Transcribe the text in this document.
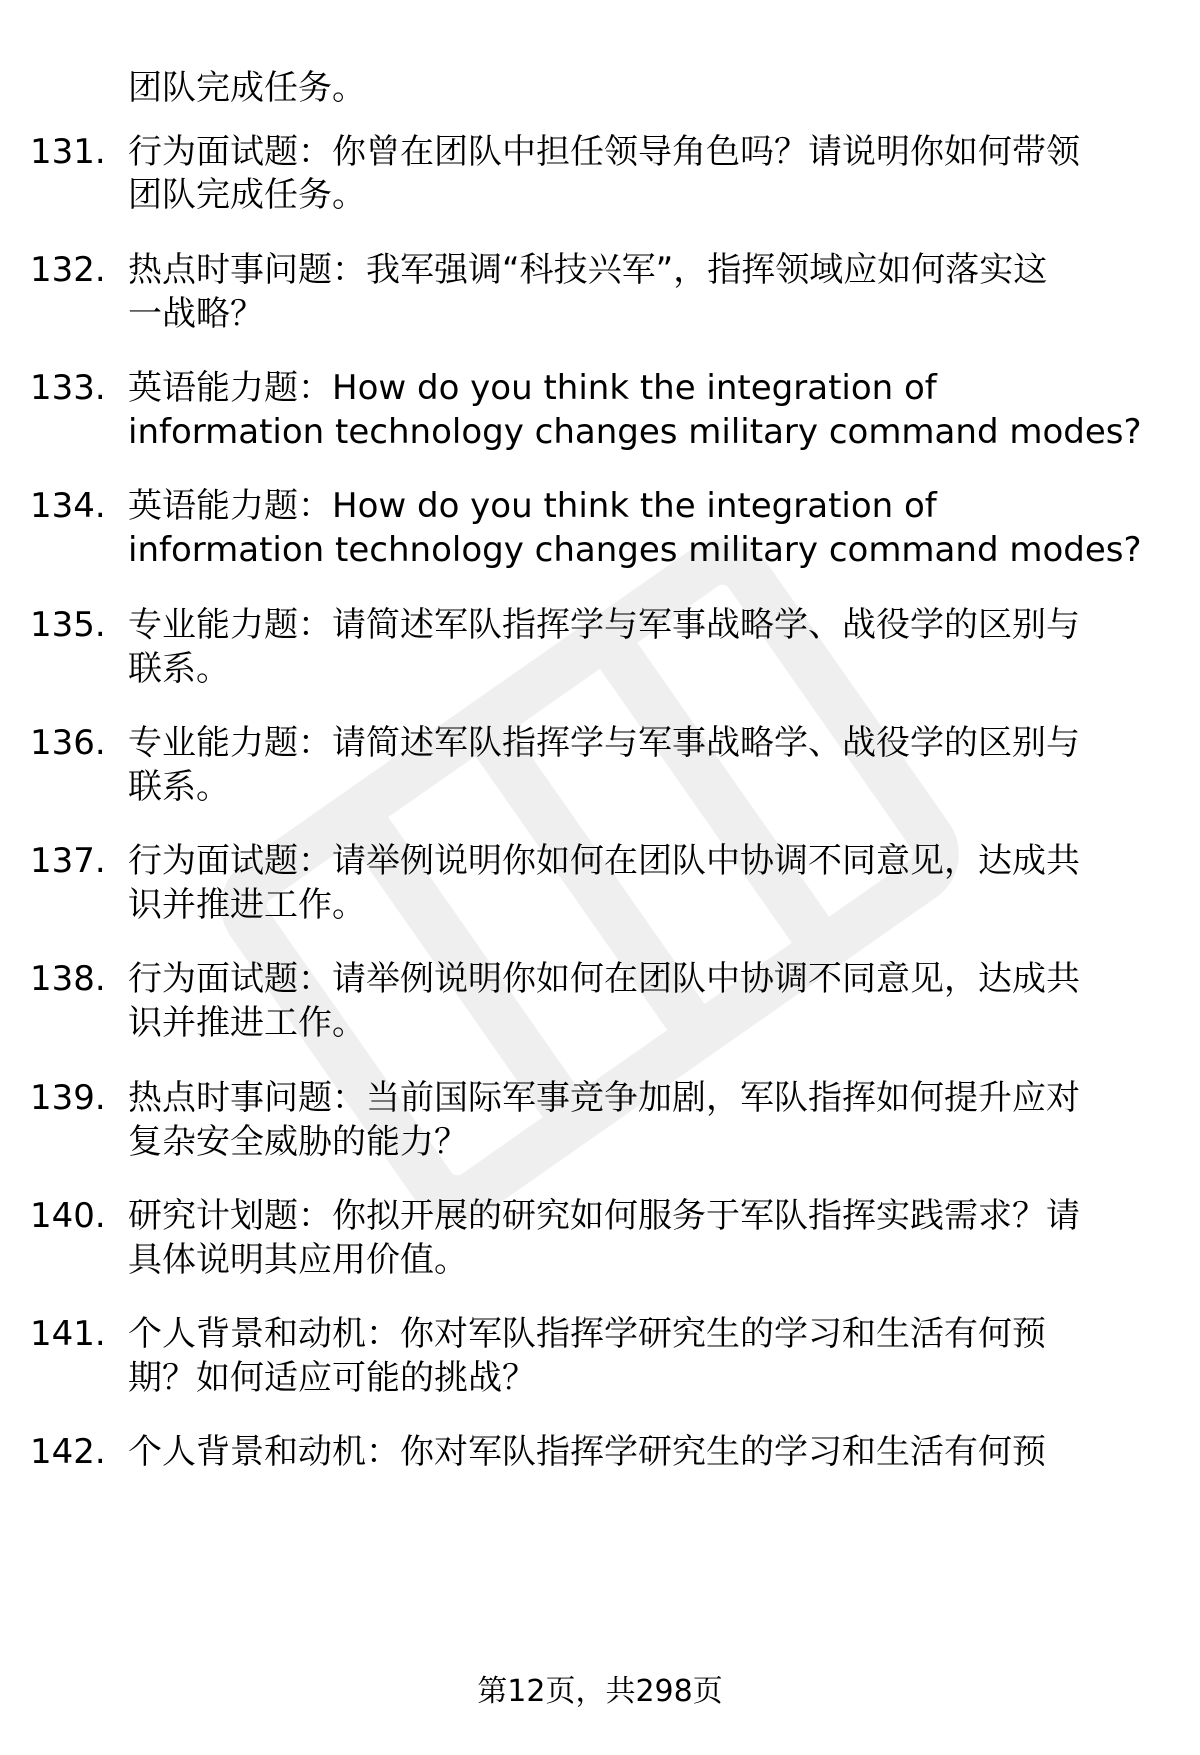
团队完成任务。
131. 行为面试题：你曾在团队中担任领导角色吗？请说明你如何带领
团队完成任务。
132. 热点时事问题：我军强调“科技兴军”，指挥领域应如何落实这
一战略？
133. 英语能力题：How do you think the integration of
information technology changes military command modes?
134. 英语能力题：How do you think the integration of
information technology changes military command modes?
135. 专业能力题：请简述军队指挥学与军事战略学、战役学的区别与
联系。
136. 专业能力题：请简述军队指挥学与军事战略学、战役学的区别与
联系。
137. 行为面试题：请举例说明你如何在团队中协调不同意见，达成共
识并推进工作。
138. 行为面试题：请举例说明你如何在团队中协调不同意见，达成共
识并推进工作。
139. 热点时事问题：当前国际军事竞争加剧，军队指挥如何提升应对
复杂安全威胁的能力？
140. 研究计划题：你拟开展的研究如何服务于军队指挥实践需求？请
具体说明其应用价值。
141. 个人背景和动机：你对军队指挥学研究生的学习和生活有何预
期？如何适应可能的挑战？
142. 个人背景和动机：你对军队指挥学研究生的学习和生活有何预
第12页，共298页
